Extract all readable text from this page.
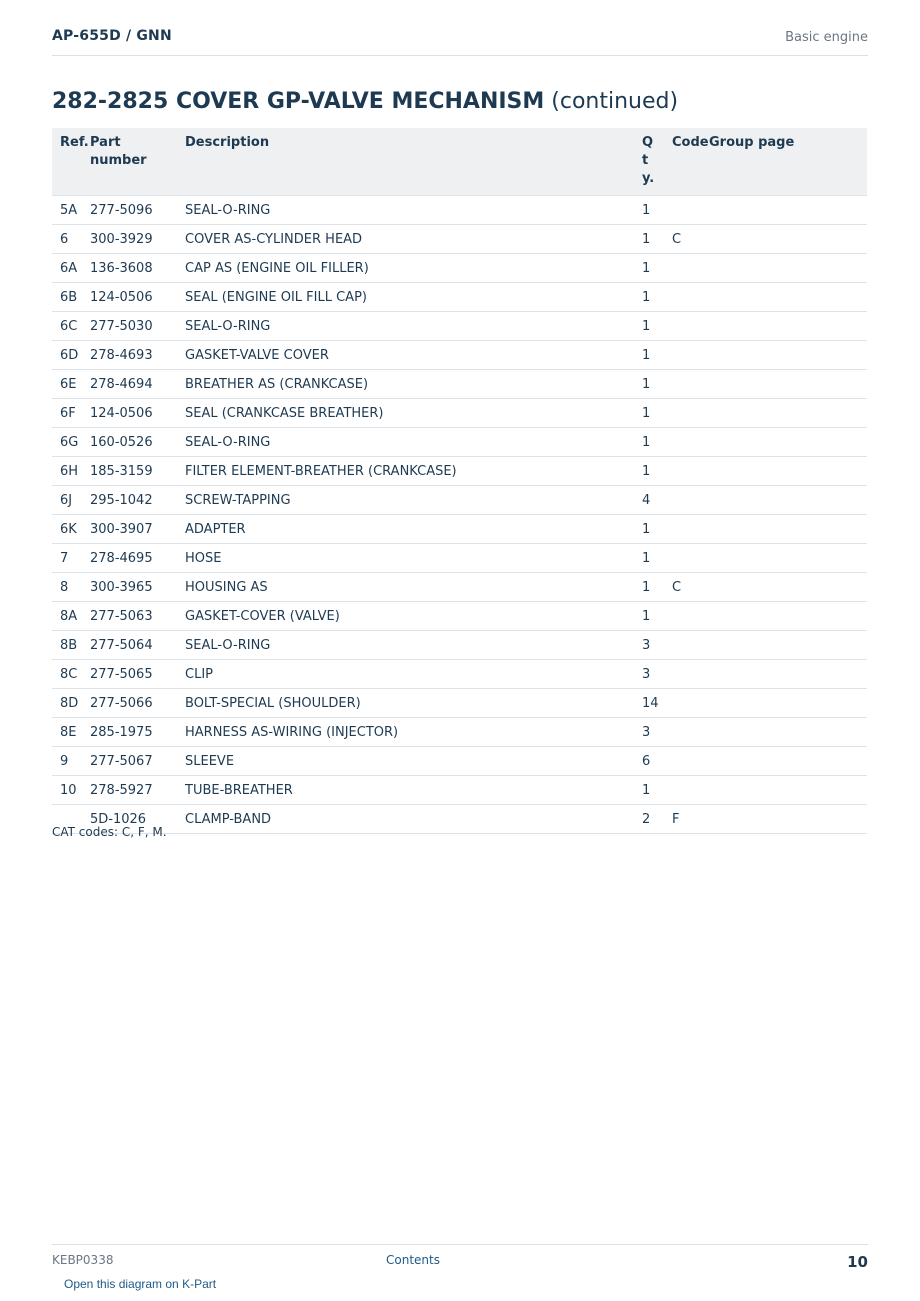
AP-655D / GNN	Basic engine
282-2825 COVER GP-VALVE MECHANISM (continued)
Ref.	Part number	Description	Qty.	Code	Group page
5A	277-5096	SEAL-O-RING	1		
6	300-3929	COVER AS-CYLINDER HEAD	1	C	
6A	136-3608	CAP AS (ENGINE OIL FILLER)	1		
6B	124-0506	SEAL (ENGINE OIL FILL CAP)	1		
6C	277-5030	SEAL-O-RING	1		
6D	278-4693	GASKET-VALVE COVER	1		
6E	278-4694	BREATHER AS (CRANKCASE)	1		
6F	124-0506	SEAL (CRANKCASE BREATHER)	1		
6G	160-0526	SEAL-O-RING	1		
6H	185-3159	FILTER ELEMENT-BREATHER (CRANKCASE)	1		
6J	295-1042	SCREW-TAPPING	4		
6K	300-3907	ADAPTER	1		
7	278-4695	HOSE	1		
8	300-3965	HOUSING AS	1	C	
8A	277-5063	GASKET-COVER (VALVE)	1		
8B	277-5064	SEAL-O-RING	3		
8C	277-5065	CLIP	3		
8D	277-5066	BOLT-SPECIAL (SHOULDER)	14		
8E	285-1975	HARNESS AS-WIRING (INJECTOR)	3		
9	277-5067	SLEEVE	6		
10	278-5927	TUBE-BREATHER	1		
	5D-1026	CLAMP-BAND	2	F	
CAT codes: C, F, M.
KEBP0338	Contents	10
Open this diagram on K-Part
